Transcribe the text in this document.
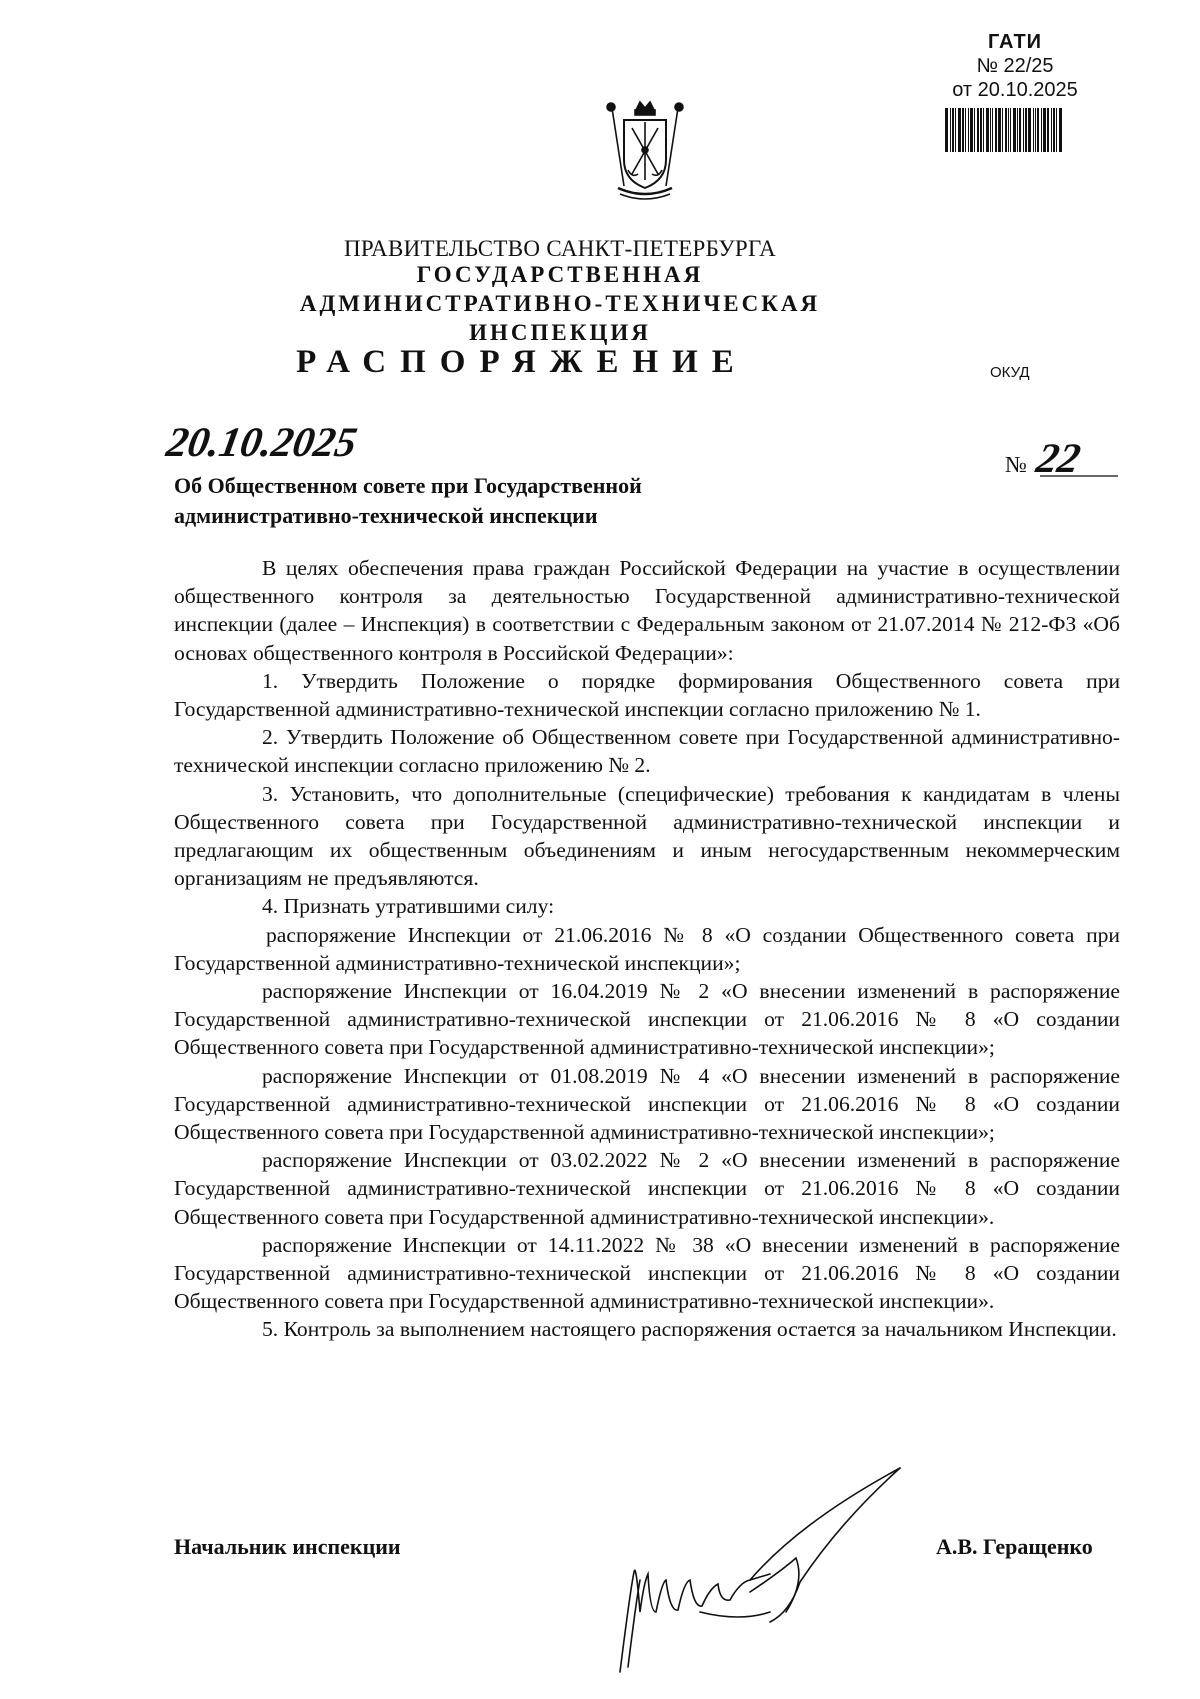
ГАТИ
№ 22/25
от 20.10.2025
ПРАВИТЕЛЬСТВО САНКТ-ПЕТЕРБУРГА
ГОСУДАРСТВЕННАЯ
АДМИНИСТРАТИВНО-ТЕХНИЧЕСКАЯ
ИНСПЕКЦИЯ
РАСПОРЯЖЕНИЕ	ОКУД
20.10.2025	№ 22
Об Общественном совете при Государственной
административно-технической инспекции

В целях обеспечения права граждан Российской Федерации на участие в осуществлении общественного контроля за деятельностью Государственной административно-технической инспекции (далее – Инспекция) в соответствии с Федеральным законом от 21.07.2014 № 212-ФЗ «Об основах общественного контроля в Российской Федерации»:

1. Утвердить Положение о порядке формирования Общественного совета при Государственной административно-технической инспекции согласно приложению № 1.

2. Утвердить Положение об Общественном совете при Государственной административно-технической инспекции согласно приложению № 2.

3. Установить, что дополнительные (специфические) требования к кандидатам в члены Общественного совета при Государственной административно-технической инспекции и предлагающим их общественным объединениям и иным негосударственным некоммерческим организациям не предъявляются.

4. Признать утратившими силу:

распоряжение Инспекции от 21.06.2016 № 8 «О создании Общественного совета при Государственной административно-технической инспекции»;

распоряжение Инспекции от 16.04.2019 № 2 «О внесении изменений в распоряжение Государственной административно-технической инспекции от 21.06.2016 № 8 «О создании Общественного совета при Государственной административно-технической инспекции»;

распоряжение Инспекции от 01.08.2019 № 4 «О внесении изменений в распоряжение Государственной административно-технической инспекции от 21.06.2016 № 8 «О создании Общественного совета при Государственной административно-технической инспекции»;

распоряжение Инспекции от 03.02.2022 № 2 «О внесении изменений в распоряжение Государственной административно-технической инспекции от 21.06.2016 № 8 «О создании Общественного совета при Государственной административно-технической инспекции».

распоряжение Инспекции от 14.11.2022 № 38 «О внесении изменений в распоряжение Государственной административно-технической инспекции от 21.06.2016 № 8 «О создании Общественного совета при Государственной административно-технической инспекции».

5. Контроль за выполнением настоящего распоряжения остается за начальником Инспекции.

Начальник инспекции	А.В. Геращенко
